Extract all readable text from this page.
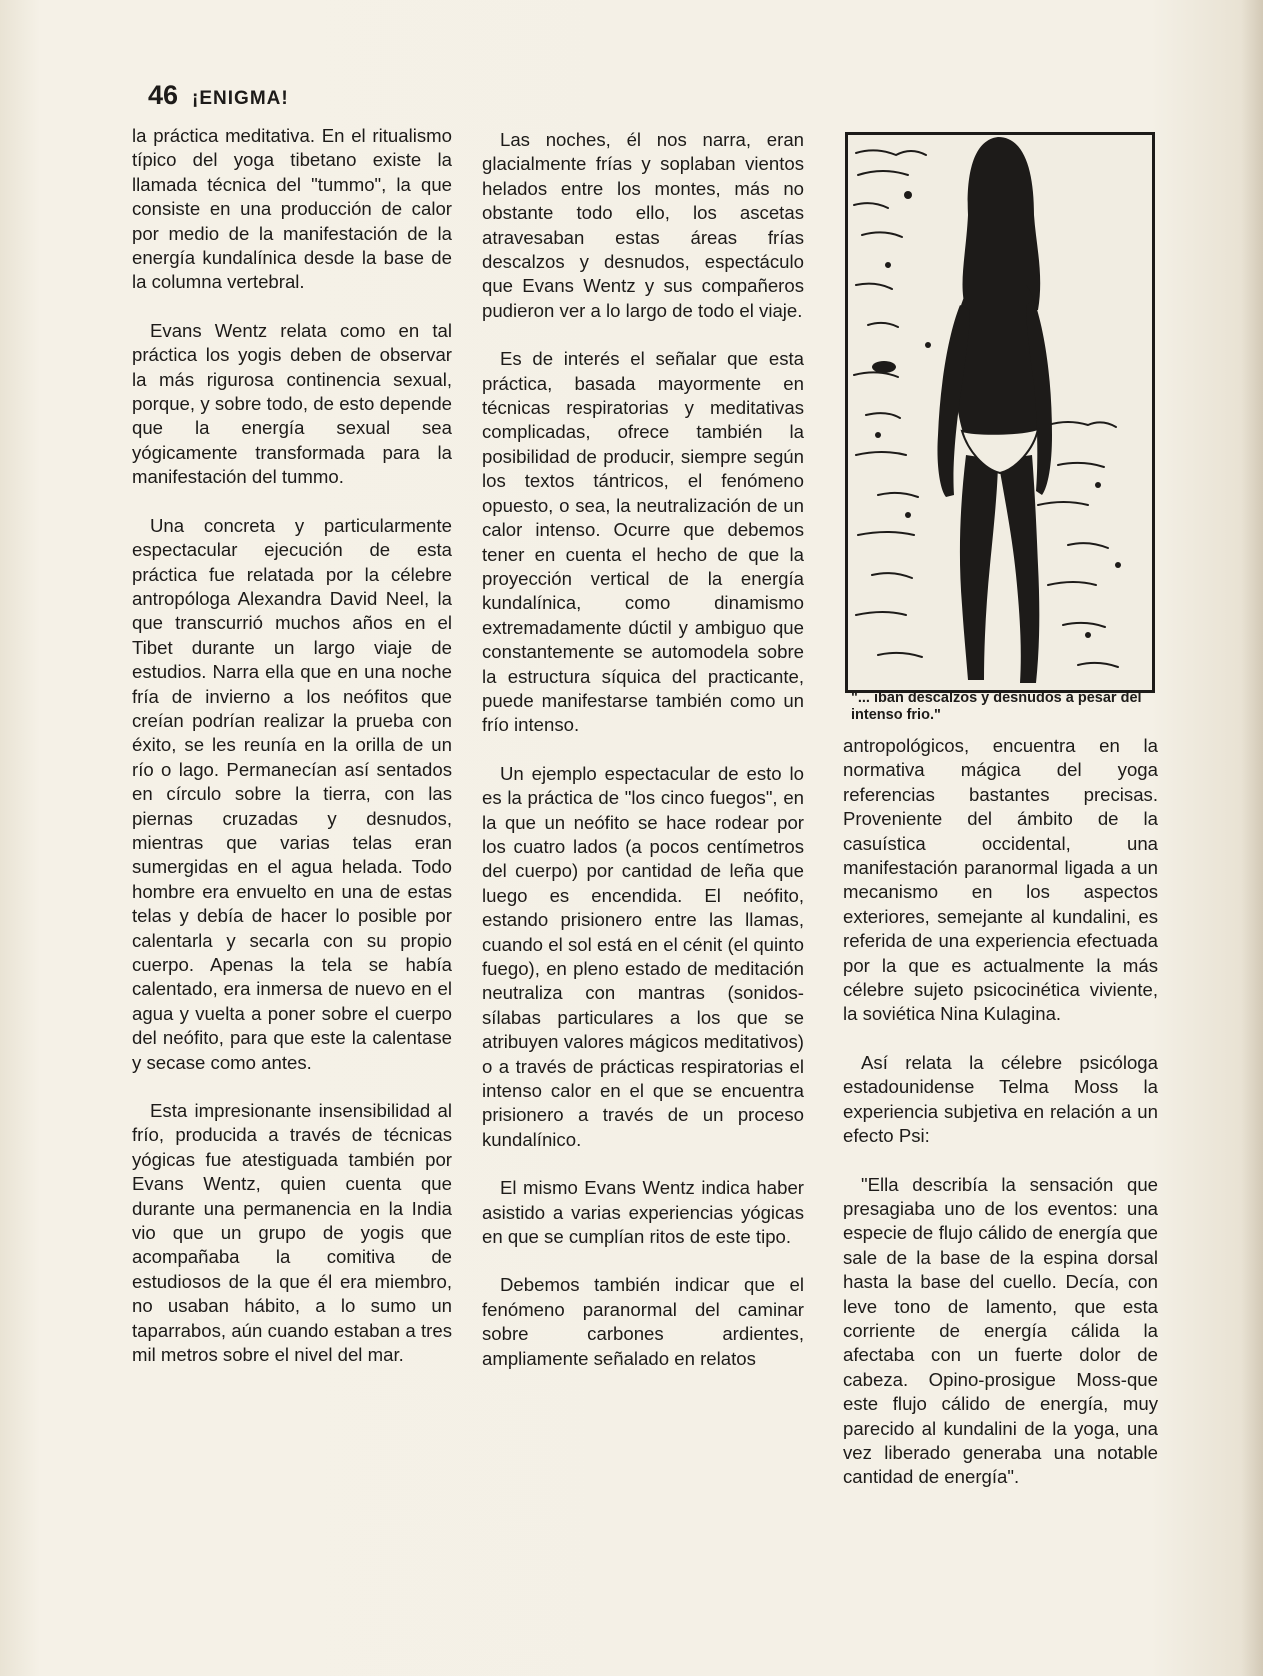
46 ¡ENIGMA!

la práctica meditativa. En el ritualismo típico del yoga tibetano existe la llamada técnica del "tummo", la que consiste en una producción de calor por medio de la manifestación de la energía kundalínica desde la base de la columna vertebral.

Evans Wentz relata como en tal práctica los yogis deben de observar la más rigurosa continencia sexual, porque, y sobre todo, de esto depende que la energía sexual sea yógicamente transformada para la manifestación del tummo.

Una concreta y particularmente espectacular ejecución de esta práctica fue relatada por la célebre antropóloga Alexandra David Neel, la que transcurrió muchos años en el Tibet durante un largo viaje de estudios. Narra ella que en una noche fría de invierno a los neófitos que creían podrían realizar la prueba con éxito, se les reunía en la orilla de un río o lago. Permanecían así sentados en círculo sobre la tierra, con las piernas cruzadas y desnudos, mientras que varias telas eran sumergidas en el agua helada. Todo hombre era envuelto en una de estas telas y debía de hacer lo posible por calentarla y secarla con su propio cuerpo. Apenas la tela se había calentado, era inmersa de nuevo en el agua y vuelta a poner sobre el cuerpo del neófito, para que este la calentase y secase como antes.

Esta impresionante insensibilidad al frío, producida a través de técnicas yógicas fue atestiguada también por Evans Wentz, quien cuenta que durante una permanencia en la India vio que un grupo de yogis que acompañaba la comitiva de estudiosos de la que él era miembro, no usaban hábito, a lo sumo un taparrabos, aún cuando estaban a tres mil metros sobre el nivel del mar.

Las noches, él nos narra, eran glacialmente frías y soplaban vientos helados entre los montes, más no obstante todo ello, los ascetas atravesaban estas áreas frías descalzos y desnudos, espectáculo que Evans Wentz y sus compañeros pudieron ver a lo largo de todo el viaje.

Es de interés el señalar que esta práctica, basada mayormente en técnicas respiratorias y meditativas complicadas, ofrece también la posibilidad de producir, siempre según los textos tántricos, el fenómeno opuesto, o sea, la neutralización de un calor intenso. Ocurre que debemos tener en cuenta el hecho de que la proyección vertical de la energía kundalínica, como dinamismo extremadamente dúctil y ambiguo que constantemente se automodela sobre la estructura síquica del practicante, puede manifestarse también como un frío intenso.

Un ejemplo espectacular de esto lo es la práctica de "los cinco fuegos", en la que un neófito se hace rodear por los cuatro lados (a pocos centímetros del cuerpo) por cantidad de leña que luego es encendida. El neófito, estando prisionero entre las llamas, cuando el sol está en el cénit (el quinto fuego), en pleno estado de meditación neutraliza con mantras (sonidos-sílabas particulares a los que se atribuyen valores mágicos meditativos) o a través de prácticas respiratorias el intenso calor en el que se encuentra prisionero a través de un proceso kundalínico.

El mismo Evans Wentz indica haber asistido a varias experiencias yógicas en que se cumplían ritos de este tipo.

Debemos también indicar que el fenómeno paranormal del caminar sobre carbones ardientes, ampliamente señalado en relatos

"... iban descalzos y desnudos a pesar del intenso frio."

antropológicos, encuentra en la normativa mágica del yoga referencias bastantes precisas. Proveniente del ámbito de la casuística occidental, una manifestación paranormal ligada a un mecanismo en los aspectos exteriores, semejante al kundalini, es referida de una experiencia efectuada por la que es actualmente la más célebre sujeto psicocinética viviente, la soviética Nina Kulagina.

Así relata la célebre psicóloga estadounidense Telma Moss la experiencia subjetiva en relación a un efecto Psi:

"Ella describía la sensación que presagiaba uno de los eventos: una especie de flujo cálido de energía que sale de la base de la espina dorsal hasta la base del cuello. Decía, con leve tono de lamento, que esta corriente de energía cálida la afectaba con un fuerte dolor de cabeza. Opino-prosigue Moss-que este flujo cálido de energía, muy parecido al kundalini de la yoga, una vez liberado generaba una notable cantidad de energía".
